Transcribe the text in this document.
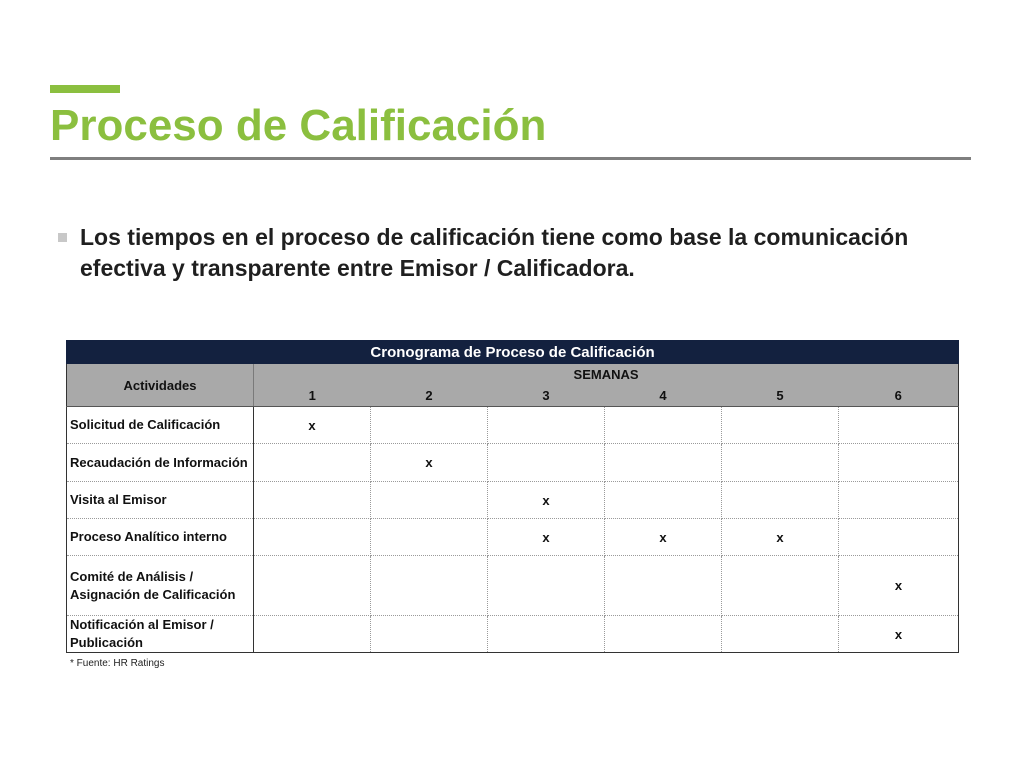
Proceso de Calificación
Los tiempos en el proceso de calificación tiene como base la comunicación efectiva y transparente entre Emisor / Calificadora.
Cronograma de Proceso de Calificación						
Actividades	SEMANAS					
	1	2	3	4	5	6
Solicitud de Calificación	x					
Recaudación de Información		x				
Visita al Emisor			x			
Proceso Analítico interno			x	x	x	
Comité de Análisis / Asignación de Calificación						x
Notificación al Emisor / Publicación						x
* Fuente: HR Ratings
